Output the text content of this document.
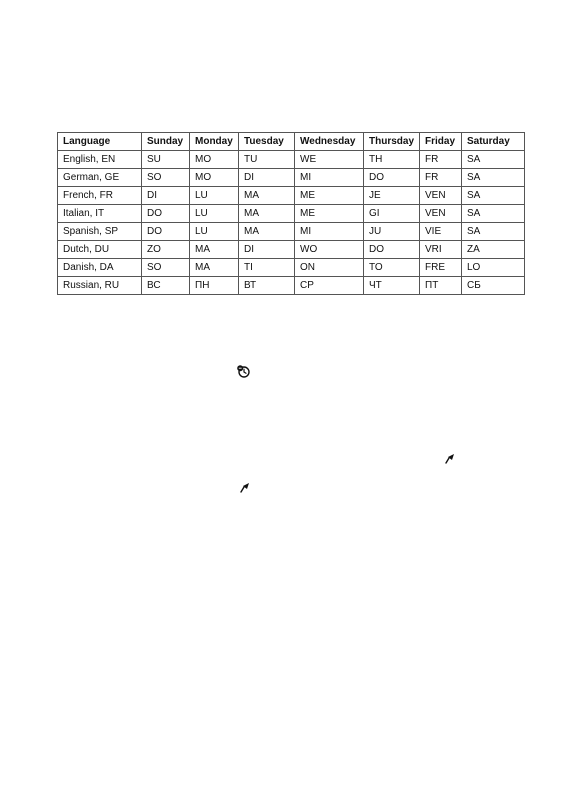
Language	Sunday	Monday	Tuesday	Wednesday	Thursday	Friday	Saturday
English, EN	SU	MO	TU	WE	TH	FR	SA
German, GE	SO	MO	DI	MI	DO	FR	SA
French, FR	DI	LU	MA	ME	JE	VEN	SA
Italian, IT	DO	LU	MA	ME	GI	VEN	SA
Spanish, SP	DO	LU	MA	MI	JU	VIE	SA
Dutch, DU	ZO	MA	DI	WO	DO	VRI	ZA
Danish, DA	SO	MA	TI	ON	TO	FRE	LO
Russian, RU	ВС	ПН	ВТ	СР	ЧТ	ПТ	СБ
